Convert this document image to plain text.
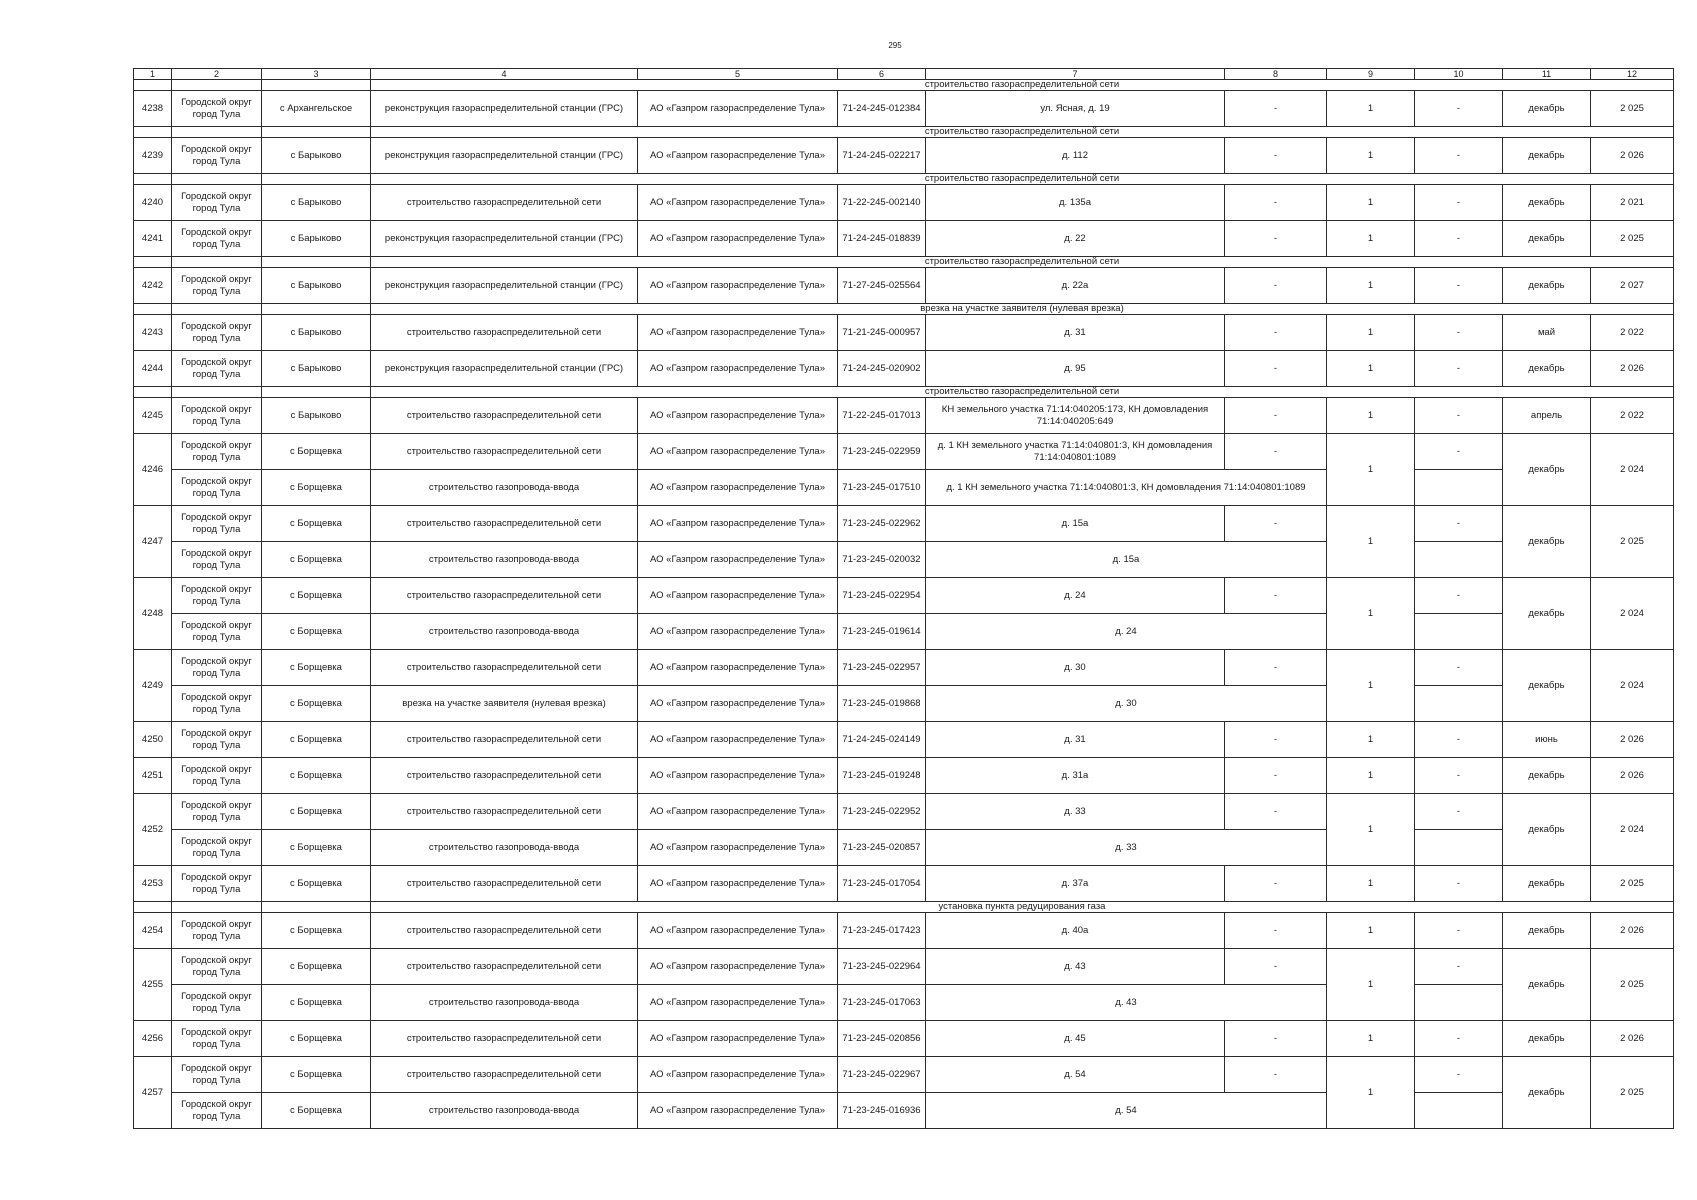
295
1	2	3	4	5	6	7	8	9	10	11	12
			строительство газораспределительной сети								
4238	Городской округ город Тула	с Архангельское	реконструкция газораспределительной станции (ГРС)	АО «Газпром газораспределение Тула»	71-24-245-012384	ул. Ясная, д. 19	-	1	-	декабрь	2 025
			строительство газораспределительной сети								
4239	Городской округ город Тула	с Барыково	реконструкция газораспределительной станции (ГРС)	АО «Газпром газораспределение Тула»	71-24-245-022217	д. 112	-	1	-	декабрь	2 026
			строительство газораспределительной сети								
4240	Городской округ город Тула	с Барыково	строительство газораспределительной сети	АО «Газпром газораспределение Тула»	71-22-245-002140	д. 135а	-	1	-	декабрь	2 021
4241	Городской округ город Тула	с Барыково	реконструкция газораспределительной станции (ГРС)	АО «Газпром газораспределение Тула»	71-24-245-018839	д. 22	-	1	-	декабрь	2 025
			строительство газораспределительной сети								
4242	Городской округ город Тула	с Барыково	реконструкция газораспределительной станции (ГРС)	АО «Газпром газораспределение Тула»	71-27-245-025564	д. 22а	-	1	-	декабрь	2 027
			врезка на участке заявителя (нулевая врезка)								
4243	Городской округ город Тула	с Барыково	строительство газораспределительной сети	АО «Газпром газораспределение Тула»	71-21-245-000957	д. 31	-	1	-	май	2 022
4244	Городской округ город Тула	с Барыково	реконструкция газораспределительной станции (ГРС)	АО «Газпром газораспределение Тула»	71-24-245-020902	д. 95	-	1	-	декабрь	2 026
			строительство газораспределительной сети								
4245	Городской округ город Тула	с Барыково	строительство газораспределительной сети	АО «Газпром газораспределение Тула»	71-22-245-017013	КН земельного участка 71:14:040205:173, КН домовладения 71:14:040205:649	-	1	-	апрель	2 022
4246	Городской округ город Тула	с Борщевка	строительство газораспределительной сети	АО «Газпром газораспределение Тула»	71-23-245-022959	д. 1 КН земельного участка 71:14:040801:3, КН домовладения 71:14:040801:1089	-	1	-	декабрь	2 024
	Городской округ город Тула	с Борщевка	строительство газопровода-ввода	АО «Газпром газораспределение Тула»	71-23-245-017510	д. 1 КН земельного участка 71:14:040801:3, КН домовладения 71:14:040801:1089					
4247	Городской округ город Тула	с Борщевка	строительство газораспределительной сети	АО «Газпром газораспределение Тула»	71-23-245-022962	д. 15а	-	1	-	декабрь	2 025
	Городской округ город Тула	с Борщевка	строительство газопровода-ввода	АО «Газпром газораспределение Тула»	71-23-245-020032	д. 15а					
4248	Городской округ город Тула	с Борщевка	строительство газораспределительной сети	АО «Газпром газораспределение Тула»	71-23-245-022954	д. 24	-	1	-	декабрь	2 024
	Городской округ город Тула	с Борщевка	строительство газопровода-ввода	АО «Газпром газораспределение Тула»	71-23-245-019614	д. 24					
4249	Городской округ город Тула	с Борщевка	строительство газораспределительной сети	АО «Газпром газораспределение Тула»	71-23-245-022957	д. 30	-	1	-	декабрь	2 024
	Городской округ город Тула	с Борщевка	врезка на участке заявителя (нулевая врезка)	АО «Газпром газораспределение Тула»	71-23-245-019868	д. 30					
4250	Городской округ город Тула	с Борщевка	строительство газораспределительной сети	АО «Газпром газораспределение Тула»	71-24-245-024149	д. 31	-	1	-	июнь	2 026
4251	Городской округ город Тула	с Борщевка	строительство газораспределительной сети	АО «Газпром газораспределение Тула»	71-23-245-019248	д. 31а	-	1	-	декабрь	2 026
4252	Городской округ город Тула	с Борщевка	строительство газораспределительной сети	АО «Газпром газораспределение Тула»	71-23-245-022952	д. 33	-	1	-	декабрь	2 024
	Городской округ город Тула	с Борщевка	строительство газопровода-ввода	АО «Газпром газораспределение Тула»	71-23-245-020857	д. 33					
4253	Городской округ город Тула	с Борщевка	строительство газораспределительной сети	АО «Газпром газораспределение Тула»	71-23-245-017054	д. 37а	-	1	-	декабрь	2 025
			установка пункта редуцирования газа								
4254	Городской округ город Тула	с Борщевка	строительство газораспределительной сети	АО «Газпром газораспределение Тула»	71-23-245-017423	д. 40а	-	1	-	декабрь	2 026
4255	Городской округ город Тула	с Борщевка	строительство газораспределительной сети	АО «Газпром газораспределение Тула»	71-23-245-022964	д. 43	-	1	-	декабрь	2 025
	Городской округ город Тула	с Борщевка	строительство газопровода-ввода	АО «Газпром газораспределение Тула»	71-23-245-017063	д. 43					
4256	Городской округ город Тула	с Борщевка	строительство газораспределительной сети	АО «Газпром газораспределение Тула»	71-23-245-020856	д. 45	-	1	-	декабрь	2 026
4257	Городской округ город Тула	с Борщевка	строительство газораспределительной сети	АО «Газпром газораспределение Тула»	71-23-245-022967	д. 54	-	1	-	декабрь	2 025
	Городской округ город Тула	с Борщевка	строительство газопровода-ввода	АО «Газпром газораспределение Тула»	71-23-245-016936	д. 54					
